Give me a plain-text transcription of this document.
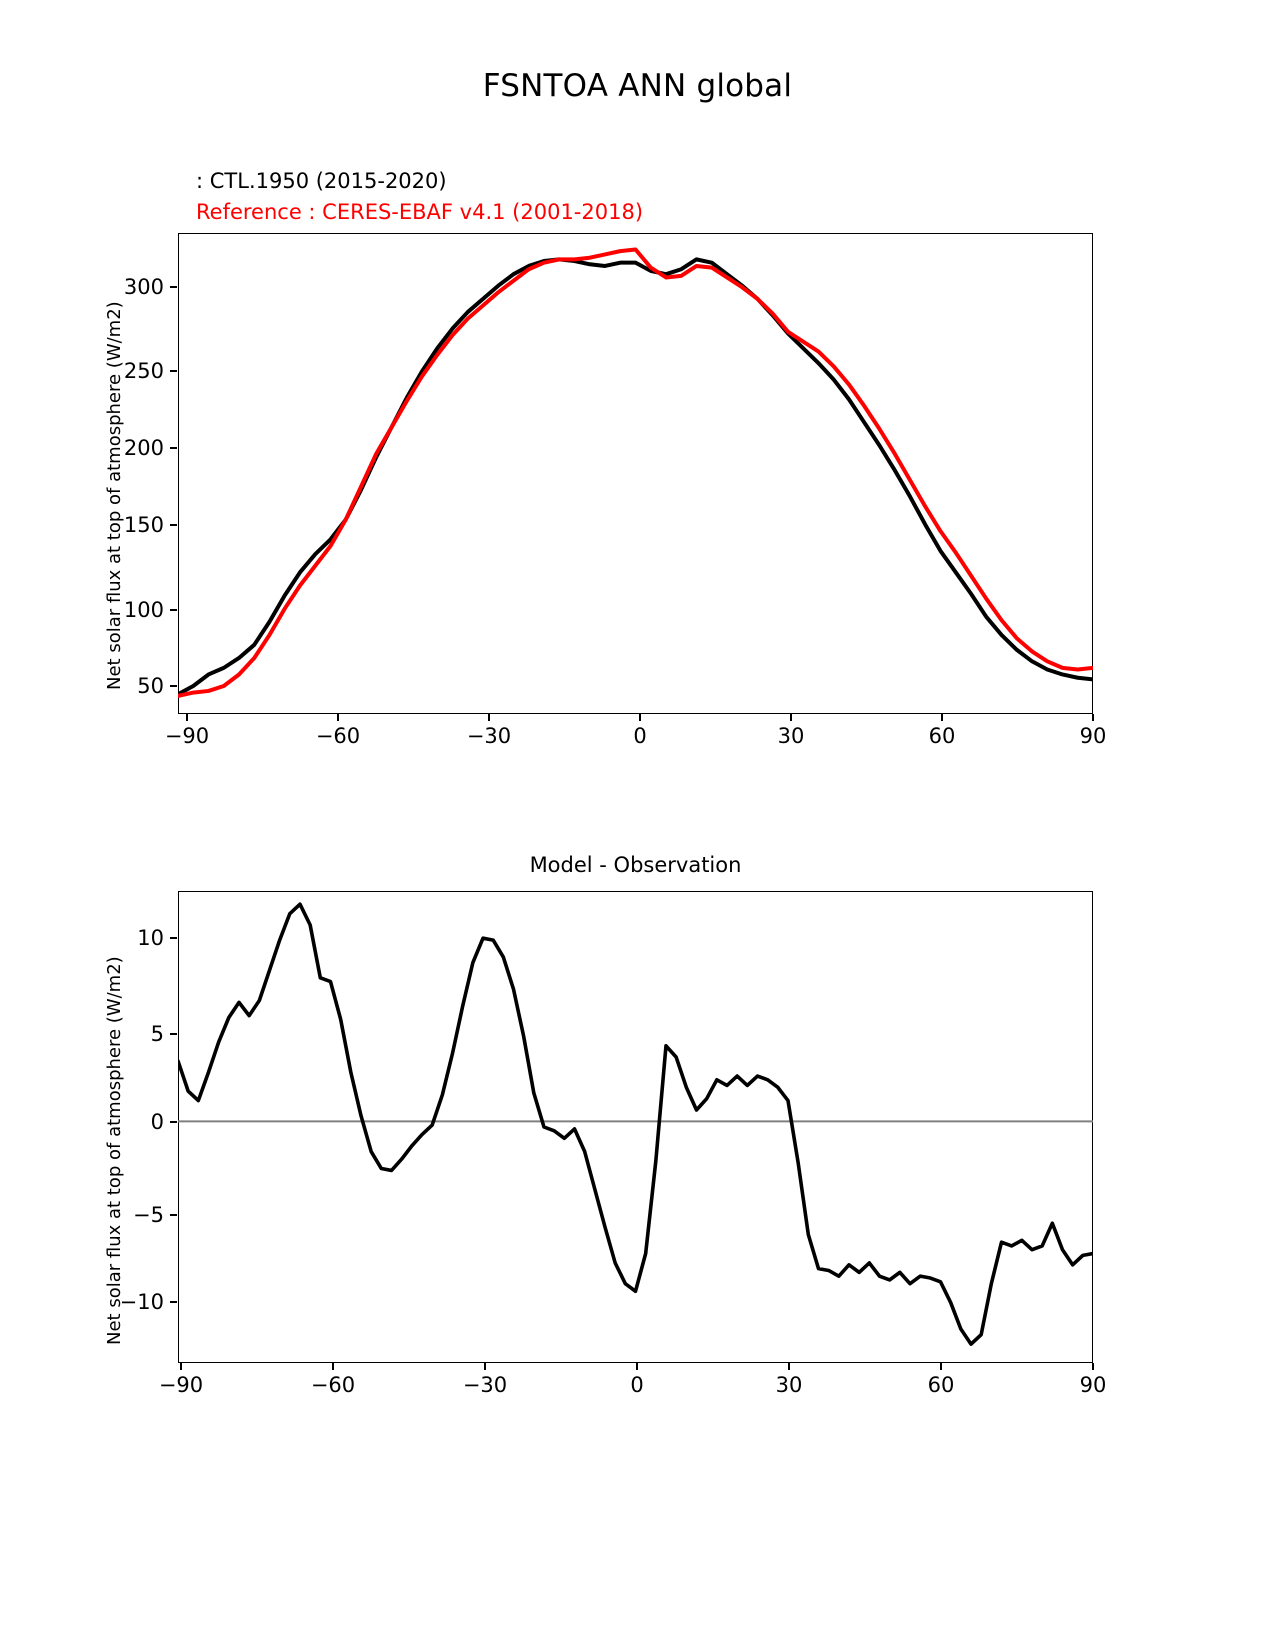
FSNTOA ANN global
: CTL.1950 (2015-2020)
Reference : CERES-EBAF v4.1 (2001-2018)
Net solar flux at top of atmosphere (W/m2) 50
100
150
200
250
300
−90	−60	−30	0	30	60	90
Model - Observation
Net solar flux at top of atmosphere (W/m2)
−10
−5
0
5
10
−90	−60	−30	0	30	60	90
